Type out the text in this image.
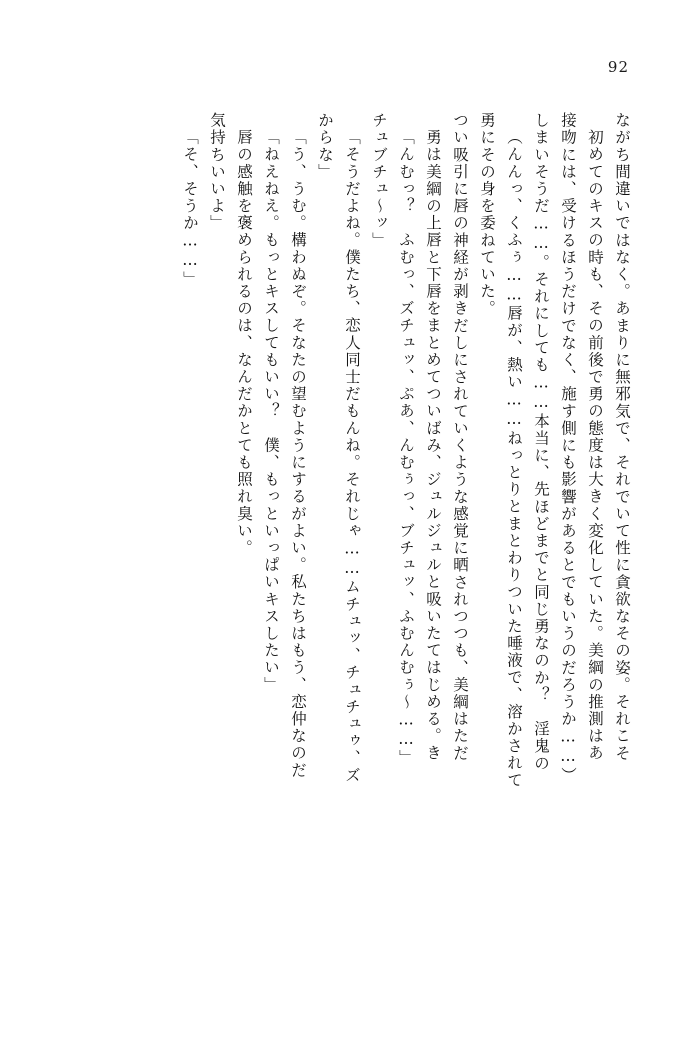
92
「そ、そうか……」 気持ちいいよ」 唇の感触を褒められるのは、なんだかとても照れ臭い。 「ねえねえ。もっとキスしてもいい？　僕、もっといっぱいキスしたい」 「う、うむ。構わぬぞ。そなたの望むようにするがよい。私たちはもう、恋仲なのだ からな」 「そうだよね。僕たち、恋人同士だもんね。それじゃ……ムチュッ、チュチュゥ、ズ チュブチュ〜ッ」 「んむっ？　ふむっ、ズチュッ、ぷあ、んむぅっ、ブチュッ、ふむんむぅ〜……」 勇は美綱の上唇と下唇をまとめてついばみ、ジュルジュルと吸いたてはじめる。き つい吸引に唇の神経が剥きだしにされていくような感覚に晒されつつも、美綱はただ 勇にその身を委ねていた。 （んんっ、くふぅ……唇が、熱い……ねっとりとまとわりついた唾液で、溶かされて しまいそうだ……。それにしても……本当に、先ほどまでと同じ勇なのか？　淫鬼の 接吻には、受けるほうだけでなく、施す側にも影響があるとでもいうのだろうか……） 初めてのキスの時も、その前後で勇の態度は大きく変化していた。美綱の推測はあ ながち間違いではなく。あまりに無邪気で、それでいて性に貪欲なその姿。それこそ
